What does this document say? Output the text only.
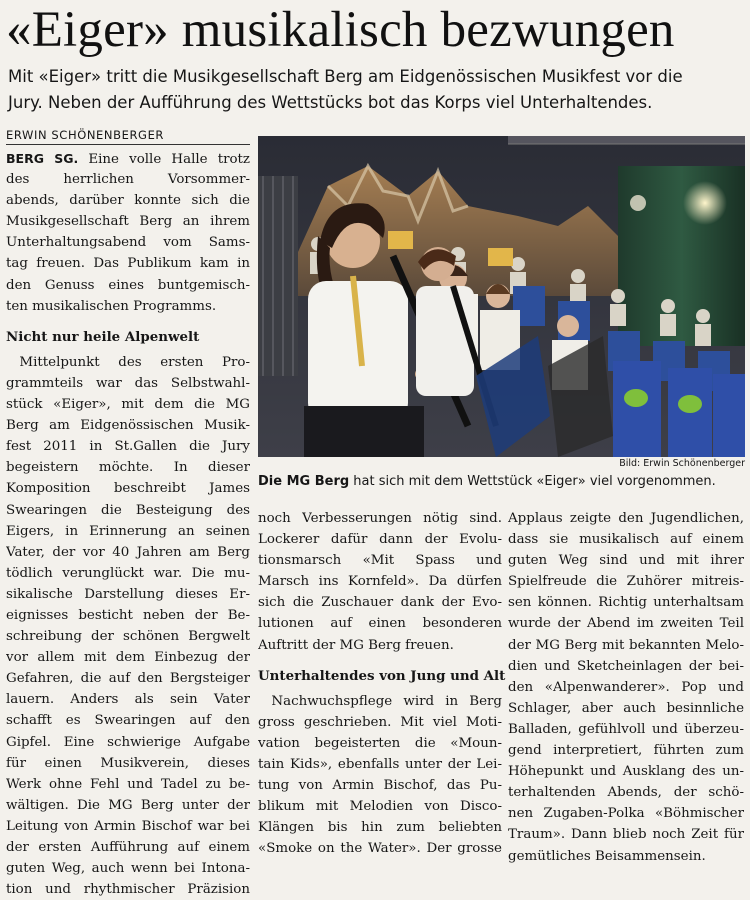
«Eiger» musikalisch bezwungen
Mit «Eiger» tritt die Musikgesellschaft Berg am Eidgenössischen Musikfest vor die
Jury. Neben der Aufführung des Wettstücks bot das Korps viel Unterhaltendes.
ERWIN SCHÖNENBERGER
BERG SG. Eine volle Halle trotz
des herrlichen Vorsommer-
abends, darüber konnte sich die
Musikgesellschaft Berg an ihrem
Unterhaltungsabend vom Sams-
tag freuen. Das Publikum kam in
den Genuss eines buntgemisch-
ten musikalischen Programms.
Nicht nur heile Alpenwelt
Mittelpunkt des ersten Pro-
grammteils war das Selbstwahl-
stück «Eiger», mit dem die MG
Berg am Eidgenössischen Musik-
fest 2011 in St.Gallen die Jury
begeistern möchte. In dieser
Komposition beschreibt James
Swearingen die Besteigung des
Eigers, in Erinnerung an seinen
Vater, der vor 40 Jahren am Berg
tödlich verunglückt war. Die mu-
sikalische Darstellung dieses Er-
eignisses besticht neben der Be-
schreibung der schönen Bergwelt
vor allem mit dem Einbezug der
Gefahren, die auf den Bergsteiger
lauern. Anders als sein Vater
schafft es Swearingen auf den
Gipfel. Eine schwierige Aufgabe
für einen Musikverein, dieses
Werk ohne Fehl und Tadel zu be-
wältigen. Die MG Berg unter der
Leitung von Armin Bischof war bei
der ersten Aufführung auf einem
guten Weg, auch wenn bei Intona-
tion und rhythmischer Präzision
noch Verbesserungen nötig sind.
Lockerer dafür dann der Evolu-
tionsmarsch «Mit Spass und
Marsch ins Kornfeld». Da dürfen
sich die Zuschauer dank der Evo-
lutionen auf einen besonderen
Auftritt der MG Berg freuen.
Unterhaltendes von Jung und Alt
Nachwuchspflege wird in Berg
gross geschrieben. Mit viel Moti-
vation begeisterten die «Moun-
tain Kids», ebenfalls unter der Lei-
tung von Armin Bischof, das Pu-
blikum mit Melodien von Disco-
Klängen bis hin zum beliebten
«Smoke on the Water». Der grosse
Applaus zeigte den Jugendlichen,
dass sie musikalisch auf einem
guten Weg sind und mit ihrer
Spielfreude die Zuhörer mitreis-
sen können. Richtig unterhaltsam
wurde der Abend im zweiten Teil
der MG Berg mit bekannten Melo-
dien und Sketcheinlagen der bei-
den «Alpenwanderer». Pop und
Schlager, aber auch besinnliche
Balladen, gefühlvoll und überzeu-
gend interpretiert, führten zum
Höhepunkt und Ausklang des un-
terhaltenden Abends, der schö-
nen Zugaben-Polka «Böhmischer
Traum». Dann blieb noch Zeit für
gemütliches Beisammensein.
Bild: Erwin Schönenberger
Die MG Berg hat sich mit dem Wettstück «Eiger» viel vorgenommen.
